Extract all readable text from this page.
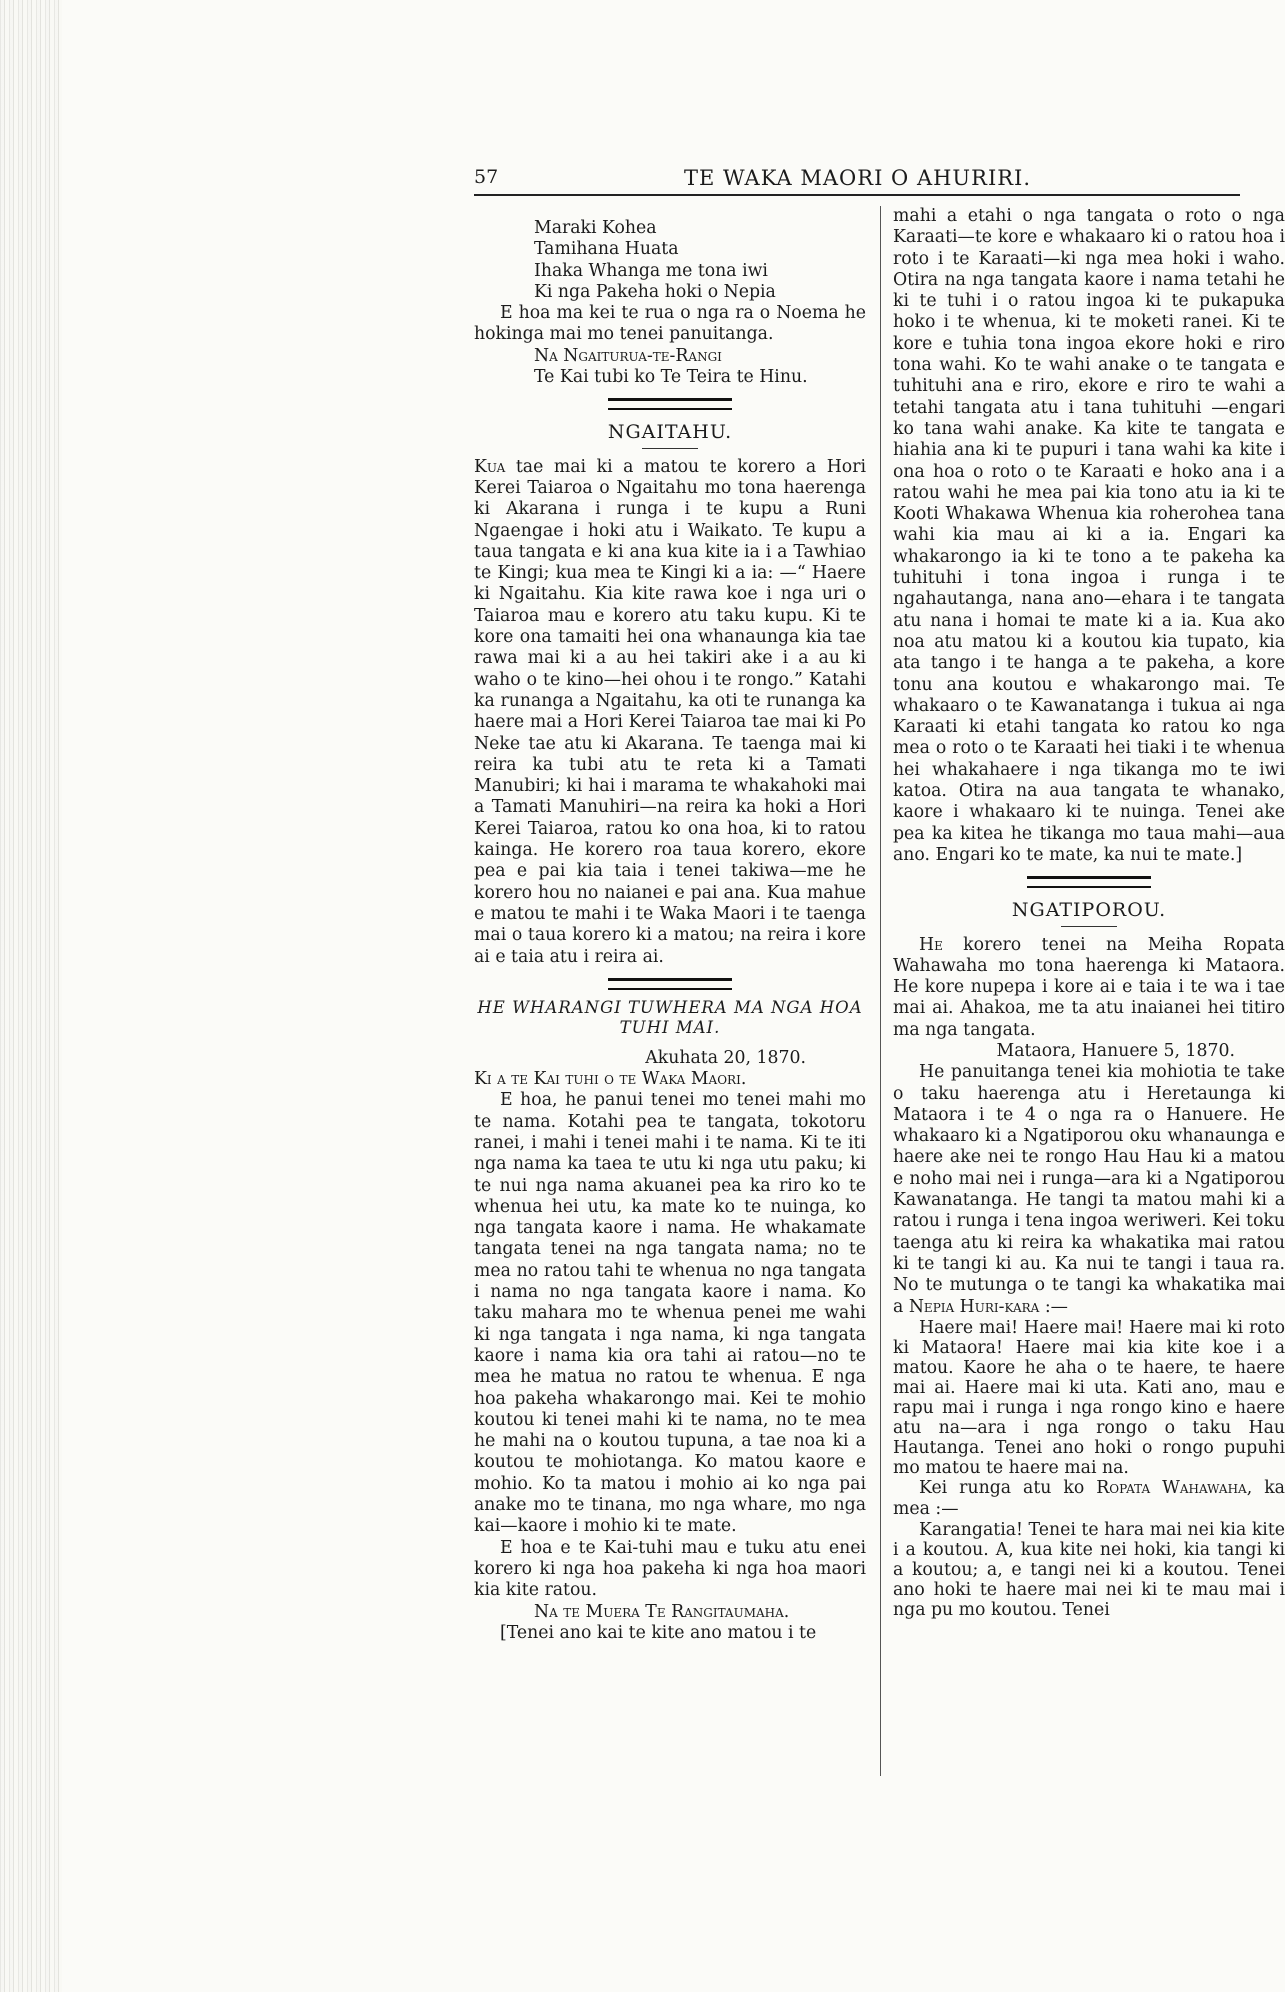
57	TE WAKA MAORI O AHURIRI.

Maraki Kohea

Tamihana Huata

Ihaka Whanga me tona iwi

Ki nga Pakeha hoki o Nepia

E hoa ma kei te rua o nga ra o Noema he hokinga mai mo tenei panuitanga.

Na Ngaiturua-te-Rangi

Te Kai tubi ko Te Teira te Hinu.

NGAITAHU.

Kua tae mai ki a matou te korero a Hori Kerei Taiaroa o Ngaitahu mo tona haerenga ki Akarana i runga i te kupu a Runi Ngaengae i hoki atu i Waikato. Te kupu a taua tangata e ki ana kua kite ia i a Tawhiao te Kingi; kua mea te Kingi ki a ia: —“ Haere ki Ngaitahu. Kia kite rawa koe i nga uri o Taiaroa mau e korero atu taku kupu. Ki te kore ona tamaiti hei ona whanaunga kia tae rawa mai ki a au hei takiri ake i a au ki waho o te kino—hei ohou i te rongo.” Katahi ka runanga a Ngaitahu, ka oti te runanga ka haere mai a Hori Kerei Taiaroa tae mai ki Po Neke tae atu ki Akarana. Te taenga mai ki reira ka tubi atu te reta ki a Tamati Manubiri; ki hai i marama te whakahoki mai a Tamati Manuhiri—na reira ka hoki a Hori Kerei Taiaroa, ratou ko ona hoa, ki to ratou kainga. He korero roa taua korero, ekore pea e pai kia taia i tenei takiwa—me he korero hou no naianei e pai ana. Kua mahue e matou te mahi i te Waka Maori i te taenga mai o taua korero ki a matou; na reira i kore ai e taia atu i reira ai.

HE WHARANGI TUWHERA MA NGA HOA TUHI MAI.

Akuhata 20, 1870.

Ki a te Kai tuhi o te Waka Maori.

E hoa, he panui tenei mo tenei mahi mo te nama. Kotahi pea te tangata, tokotoru ranei, i mahi i tenei mahi i te nama. Ki te iti nga nama ka taea te utu ki nga utu paku; ki te nui nga nama akuanei pea ka riro ko te whenua hei utu, ka mate ko te nuinga, ko nga tangata kaore i nama. He whakamate tangata tenei na nga tangata nama; no te mea no ratou tahi te whenua no nga tangata i nama no nga tangata kaore i nama. Ko taku mahara mo te whenua penei me wahi ki nga tangata i nga nama, ki nga tangata kaore i nama kia ora tahi ai ratou—no te mea he matua no ratou te whenua. E nga hoa pakeha whakarongo mai. Kei te mohio koutou ki tenei mahi ki te nama, no te mea he mahi na o koutou tupuna, a tae noa ki a koutou te mohiotanga. Ko matou kaore e mohio. Ko ta matou i mohio ai ko nga pai anake mo te tinana, mo nga whare, mo nga kai—kaore i mohio ki te mate.

E hoa e te Kai-tuhi mau e tuku atu enei korero ki nga hoa pakeha ki nga hoa maori kia kite ratou.

Na te Muera Te Rangitaumaha.

[Tenei ano kai te kite ano matou i te

mahi a etahi o nga tangata o roto o nga Karaati—te kore e whakaaro ki o ratou hoa i roto i te Karaati—ki nga mea hoki i waho. Otira na nga tangata kaore i nama tetahi he ki te tuhi i o ratou ingoa ki te pukapuka hoko i te whenua, ki te moketi ranei. Ki te kore e tuhia tona ingoa ekore hoki e riro tona wahi. Ko te wahi anake o te tangata e tuhituhi ana e riro, ekore e riro te wahi a tetahi tangata atu i tana tuhituhi —engari ko tana wahi anake. Ka kite te tangata e hiahia ana ki te pupuri i tana wahi ka kite i ona hoa o roto o te Karaati e hoko ana i a ratou wahi he mea pai kia tono atu ia ki te Kooti Whakawa Whenua kia roherohea tana wahi kia mau ai ki a ia. Engari ka whakarongo ia ki te tono a te pakeha ka tuhituhi i tona ingoa i runga i te ngahautanga, nana ano—ehara i te tangata atu nana i homai te mate ki a ia. Kua ako noa atu matou ki a koutou kia tupato, kia ata tango i te hanga a te pakeha, a kore tonu ana koutou e whakarongo mai. Te whakaaro o te Kawanatanga i tukua ai nga Karaati ki etahi tangata ko ratou ko nga mea o roto o te Karaati hei tiaki i te whenua hei whakahaere i nga tikanga mo te iwi katoa. Otira na aua tangata te whanako, kaore i whakaaro ki te nuinga. Tenei ake pea ka kitea he tikanga mo taua mahi—aua ano. Engari ko te mate, ka nui te mate.]

NGATIPOROU.

He korero tenei na Meiha Ropata Wahawaha mo tona haerenga ki Mataora. He kore nupepa i kore ai e taia i te wa i tae mai ai. Ahakoa, me ta atu inaianei hei titiro ma nga tangata.

Mataora, Hanuere 5, 1870.

He panuitanga tenei kia mohiotia te take o taku haerenga atu i Heretaunga ki Mataora i te 4 o nga ra o Hanuere. He whakaaro ki a Ngatiporou oku whanaunga e haere ake nei te rongo Hau Hau ki a matou e noho mai nei i runga—ara ki a Ngatiporou Kawanatanga. He tangi ta matou mahi ki a ratou i runga i tena ingoa weriweri. Kei toku taenga atu ki reira ka whakatika mai ratou ki te tangi ki au. Ka nui te tangi i taua ra. No te mutunga o te tangi ka whakatika mai a Nepia Huri-kara :—

Haere mai! Haere mai! Haere mai ki roto ki Mataora! Haere mai kia kite koe i a matou. Kaore he aha o te haere, te haere mai ai. Haere mai ki uta. Kati ano, mau e rapu mai i runga i nga rongo kino e haere atu na—ara i nga rongo o taku Hau Hautanga. Tenei ano hoki o rongo pupuhi mo matou te haere mai na.

Kei runga atu ko Ropata Wahawaha, ka mea :—

Karangatia! Tenei te hara mai nei kia kite i a koutou. A, kua kite nei hoki, kia tangi ki a koutou; a, e tangi nei ki a koutou. Tenei ano hoki te haere mai nei ki te mau mai i nga pu mo koutou. Tenei
